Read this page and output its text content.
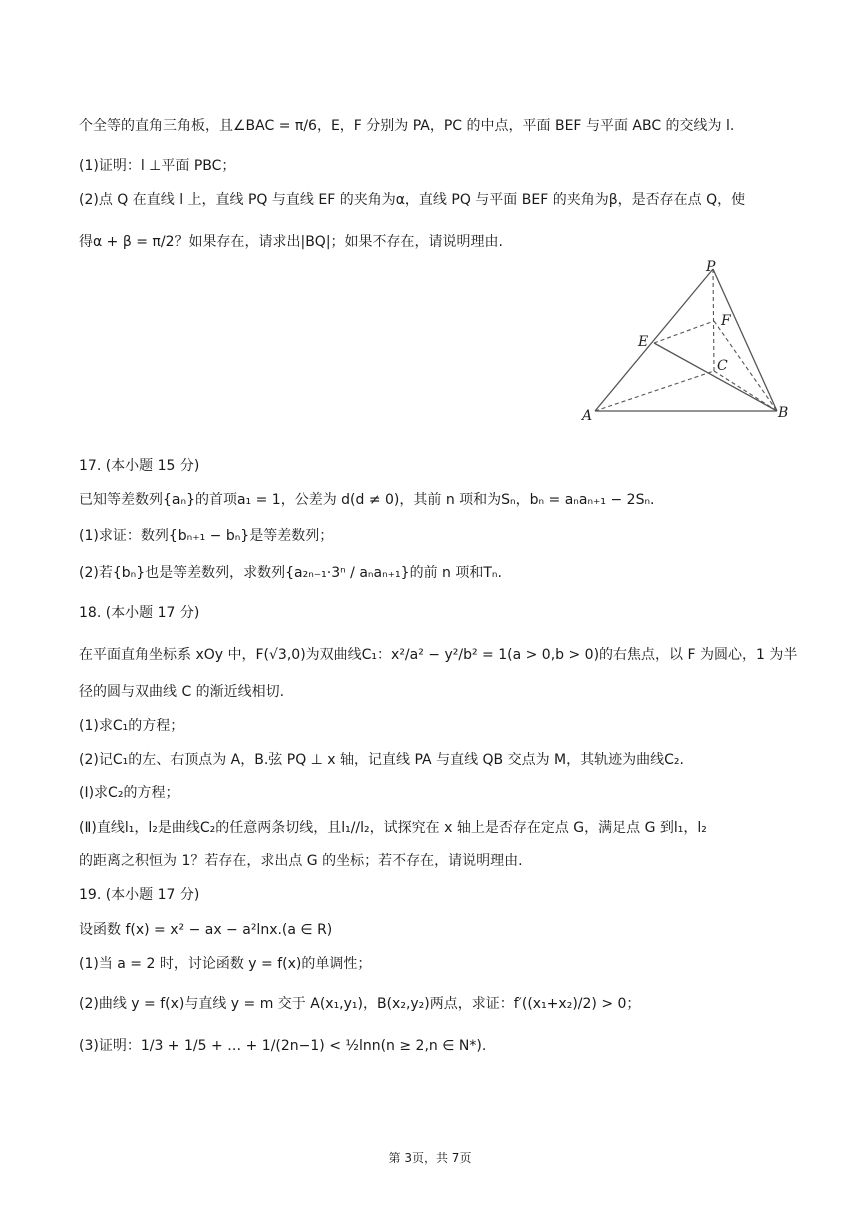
个全等的直角三角板，且∠BAC = π/6，E，F 分别为 PA，PC 的中点，平面 BEF 与平面 ABC 的交线为 l.
(1)证明：l ⊥平面 PBC；
(2)点 Q 在直线 l 上，直线 PQ 与直线 EF 的夹角为α，直线 PQ 与平面 BEF 的夹角为β，是否存在点 Q，使
得α + β = π/2？如果存在，请求出|BQ|；如果不存在，请说明理由.
P
E
F
C
A	B
17. (本小题 15 分)
已知等差数列{aₙ}的首项a₁ = 1，公差为 d(d ≠ 0)，其前 n 项和为Sₙ，bₙ = aₙaₙ₊₁ − 2Sₙ.
(1)求证：数列{bₙ₊₁ − bₙ}是等差数列；
(2)若{bₙ}也是等差数列，求数列{a₂ₙ₋₁·3ⁿ / aₙaₙ₊₁}的前 n 项和Tₙ.
18. (本小题 17 分)
在平面直角坐标系 xOy 中，F(√3,0)为双曲线C₁：x²/a² − y²/b² = 1(a > 0,b > 0)的右焦点，以 F 为圆心，1 为半
径的圆与双曲线 C 的渐近线相切.
(1)求C₁的方程；
(2)记C₁的左、右顶点为 A，B.弦 PQ ⊥ x 轴，记直线 PA 与直线 QB 交点为 M，其轨迹为曲线C₂.
(Ⅰ)求C₂的方程；
(Ⅱ)直线l₁，l₂是曲线C₂的任意两条切线，且l₁//l₂，试探究在 x 轴上是否存在定点 G，满足点 G 到l₁，l₂
的距离之积恒为 1？若存在，求出点 G 的坐标；若不存在，请说明理由.
19. (本小题 17 分)
设函数 f(x) = x² − ax − a²lnx.(a ∈ R)
(1)当 a = 2 时，讨论函数 y = f(x)的单调性；
(2)曲线 y = f(x)与直线 y = m 交于 A(x₁,y₁)，B(x₂,y₂)两点，求证：f′((x₁+x₂)/2) > 0；
(3)证明：1/3 + 1/5 + … + 1/(2n−1) < ½lnn(n ≥ 2,n ∈ N*).
第 3页，共 7页
